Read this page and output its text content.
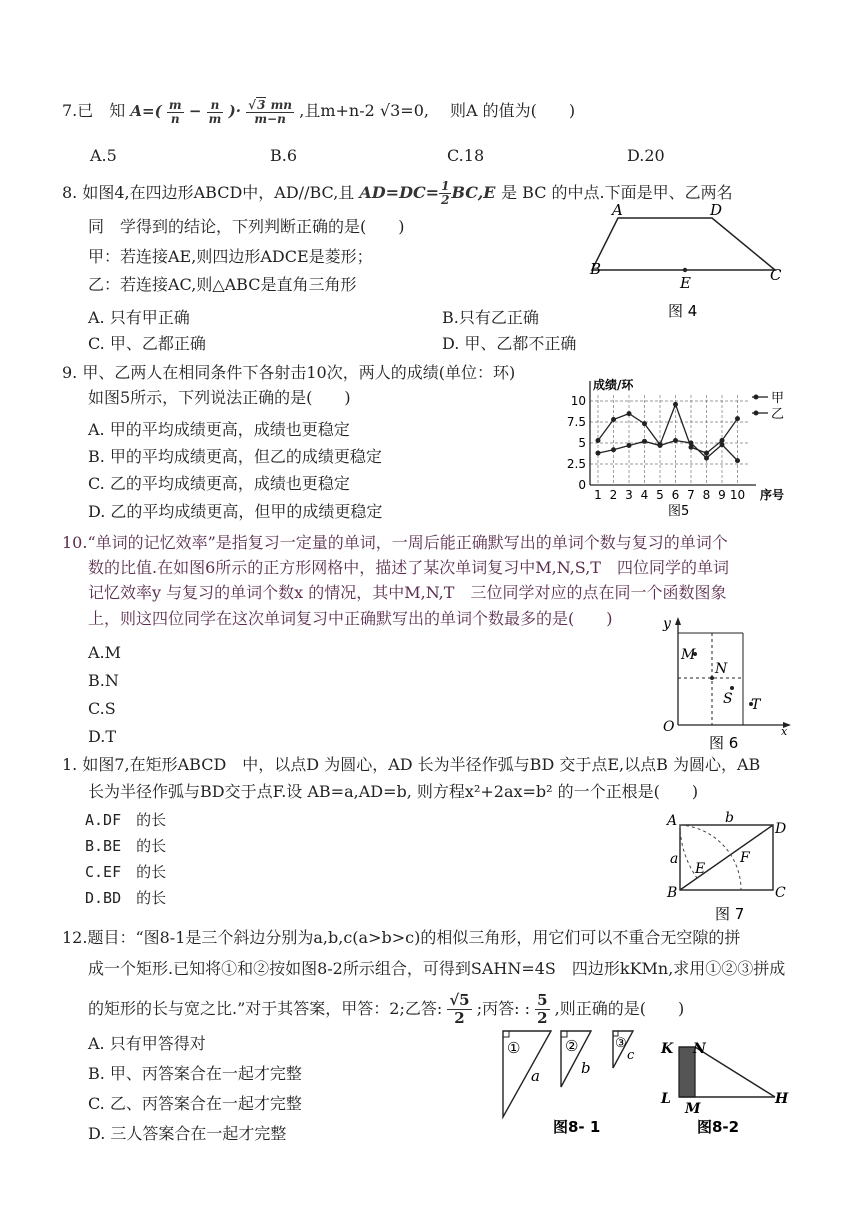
7.已　知 $A=( \frac{m}{n} - \frac{n}{m}$ )· $\frac{√3 mn}{m-n}$ ,且m+n-2 √3=0,　 则A 的值为(　　)
A.5	B.6	C.18	D.20
8. 如图4,在四边形ABCD中，AD//BC,且 $AD=DC= \frac{1}{2} BC,E$ 是 BC 的中点.下面是甲、乙两名
同　学得到的结论，下列判断正确的是(　　)
甲：若连接AE,则四边形ADCE是菱形；
乙：若连接AC,则△ABC是直角三角形
A. 只有甲正确	B.只有乙正确
C. 甲、乙都正确	D. 甲、乙都不正确
A	D
B
E	C
图 4
9. 甲、乙两人在相同条件下各射击10次，两人的成绩(单位：环)
如图5所示，下列说法正确的是(　　)
A. 甲的平均成绩更高，成绩也更稳定
B. 甲的平均成绩更高，但乙的成绩更稳定
C. 乙的平均成绩更高，成绩也更稳定
D. 乙的平均成绩更高，但甲的成绩更稳定
10
7.5
5
2.5
0
1 2 3 4 5 6 7 8 9 10
成绩/环
序号
图5
甲
乙
10.“单词的记忆效率”是指复习一定量的单词，一周后能正确默写出的单词个数与复习的单词个
数的比值.在如图6所示的正方形网格中，描述了某次单词复习中M,N,S,T　四位同学的单词
记忆效率y 与复习的单词个数x 的情况，其中M,N,T　三位同学对应的点在同一个函数图象
上，则这四位同学在这次单词复习中正确默写出的单词个数最多的是(　　)
A.M
B.N
C.S
D.T
y
M
N
S T
O	x
图 6
1. 如图7,在矩形ABCD　中，以点D 为圆心，AD 长为半径作弧与BD 交于点E,以点B 为圆心，AB
长为半径作弧与BD交于点F.设 AB=a,AD=b, 则方程x²+2ax=b² 的一个正根是(　　)
A.DF　的长
B.BE　的长
C.EF　的长
D.BD　的长
A	b
D
a
E
F
B	C
图 7
12.题目：“图8-1是三个斜边分别为a,b,c(a>b>c)的相似三角形，用它们可以不重合无空隙的拼
成一个矩形.已知将①和②按如图8-2所示组合，可得到SAHN=4S　四边形kKMn,求用①②③拼成
的矩形的长与宽之比.”对于其答案，甲答：2;乙答: $\frac{√5}{2}$ ;丙答: : $\frac{5}{2}$ ,则正确的是(　　)
A. 只有甲答得对
B. 甲、丙答案合在一起才完整
C. 乙、丙答案合在一起才完整
D. 三人答案合在一起才完整
①
a
②
b
③
c
图8- 1
K N
L
M
H
图8-2
